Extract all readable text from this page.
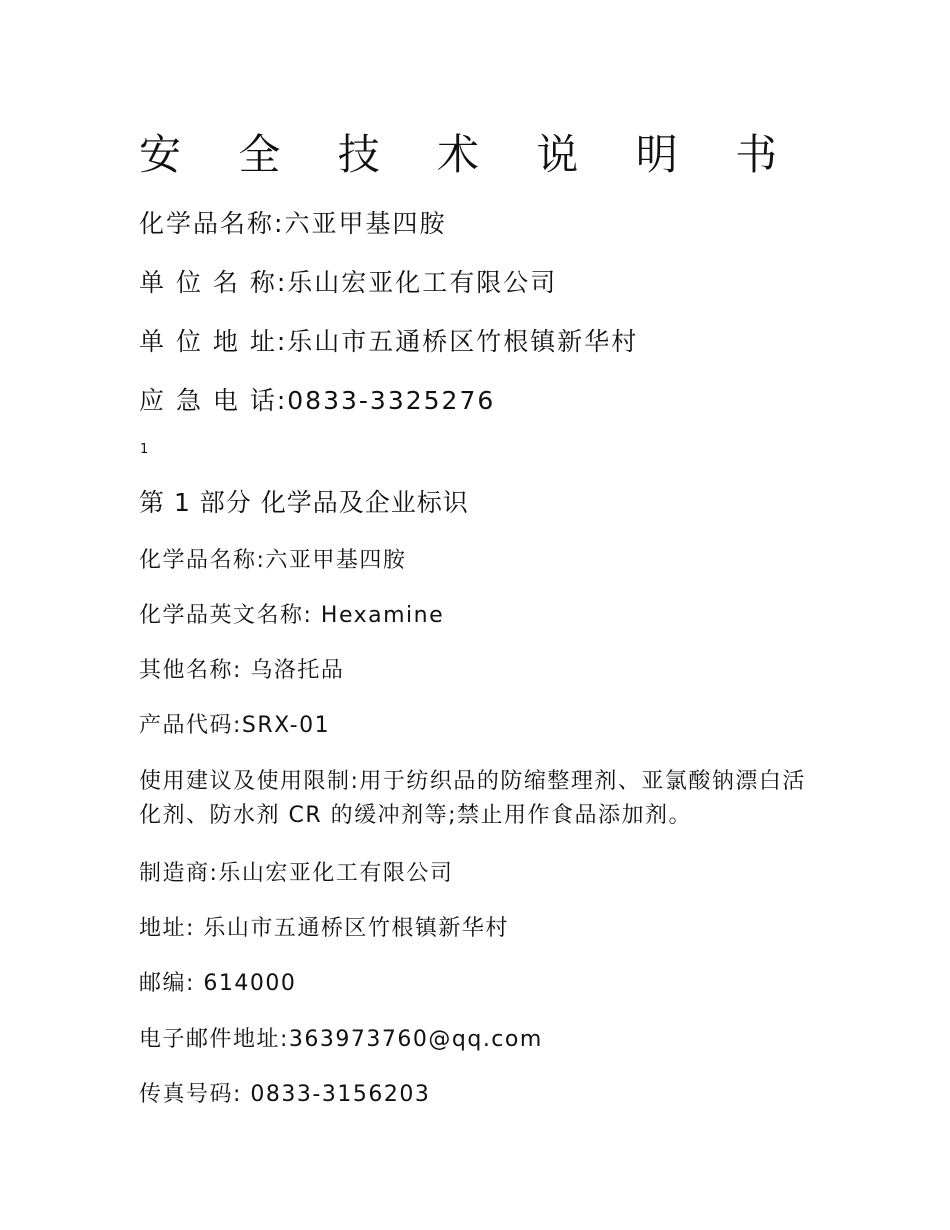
安 全 技 术 说 明 书
化学品名称:六亚甲基四胺
单 位 名 称:乐山宏亚化工有限公司
单 位 地 址:乐山市五通桥区竹根镇新华村
应 急 电 话:0833-3325276
1
第 1 部分 化学品及企业标识
化学品名称:六亚甲基四胺
化学品英文名称: Hexamine
其他名称: 乌洛托品
产品代码:SRX-01
使用建议及使用限制:用于纺织品的防缩整理剂、亚氯酸钠漂白活化剂、防水剂 CR 的缓冲剂等;禁止用作食品添加剂。
制造商:乐山宏亚化工有限公司
地址: 乐山市五通桥区竹根镇新华村
邮编: 614000
电子邮件地址:363973760@qq.com
传真号码: 0833-3156203
